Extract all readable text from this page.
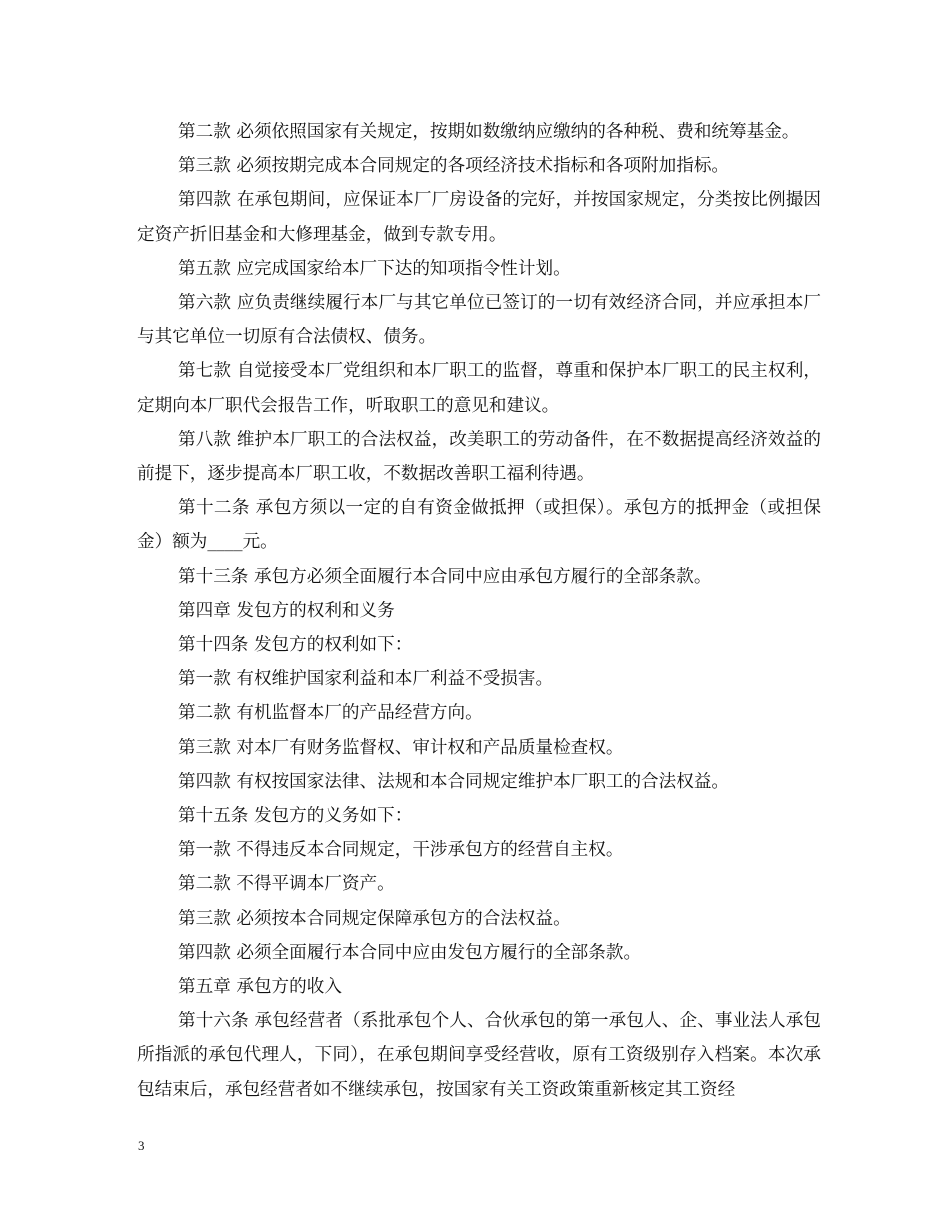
第二款 必须依照国家有关规定，按期如数缴纳应缴纳的各种税、费和统筹基金。

第三款 必须按期完成本合同规定的各项经济技术指标和各项附加指标。

第四款 在承包期间，应保证本厂厂房设备的完好，并按国家规定，分类按比例撮因定资产折旧基金和大修理基金，做到专款专用。

第五款 应完成国家给本厂下达的知项指令性计划。

第六款 应负责继续履行本厂与其它单位已签订的一切有效经济合同，并应承担本厂与其它单位一切原有合法债权、债务。

第七款 自觉接受本厂党组织和本厂职工的监督，尊重和保护本厂职工的民主权利，定期向本厂职代会报告工作，听取职工的意见和建议。

第八款 维护本厂职工的合法权益，改美职工的劳动备件，在不数据提高经济效益的前提下，逐步提高本厂职工收，不数据改善职工福利待遇。

第十二条 承包方须以一定的自有资金做抵押（或担保）。承包方的抵押金（或担保金）额为____元。

第十三条 承包方必须全面履行本合同中应由承包方履行的全部条款。

第四章 发包方的权利和义务

第十四条 发包方的权利如下：

第一款 有权维护国家利益和本厂利益不受损害。

第二款 有机监督本厂的产品经营方向。

第三款 对本厂有财务监督权、审计权和产品质量检查权。

第四款 有权按国家法律、法规和本合同规定维护本厂职工的合法权益。

第十五条 发包方的义务如下：

第一款 不得违反本合同规定，干涉承包方的经营自主权。

第二款 不得平调本厂资产。

第三款 必须按本合同规定保障承包方的合法权益。

第四款 必须全面履行本合同中应由发包方履行的全部条款。

第五章 承包方的收入

第十六条 承包经营者（系批承包个人、合伙承包的第一承包人、企、事业法人承包所指派的承包代理人，下同），在承包期间享受经营收，原有工资级别存入档案。本次承包结束后，承包经营者如不继续承包，按国家有关工资政策重新核定其工资经

3
